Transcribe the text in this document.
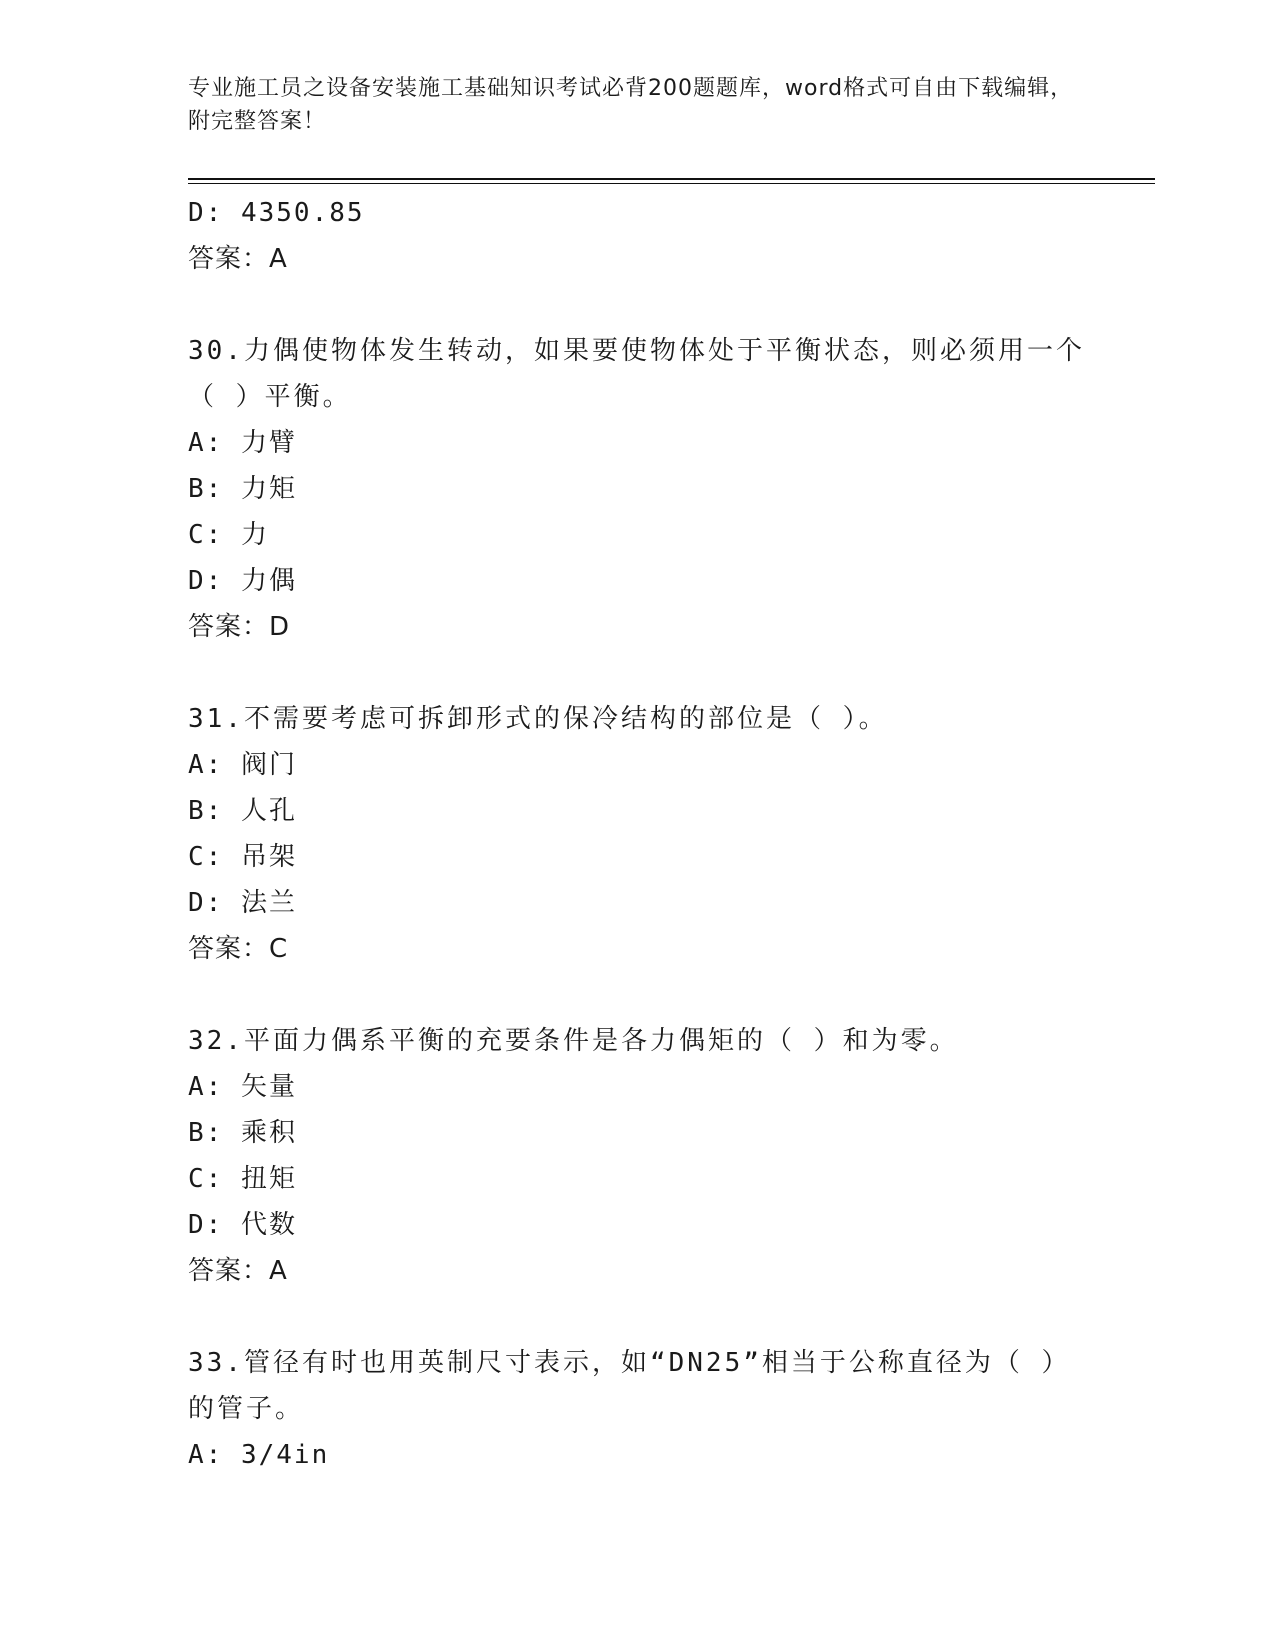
专业施工员之设备安装施工基础知识考试必背200题题库，word格式可自由下载编辑，附完整答案！
D: 4350.85
答案：A
30.力偶使物体发生转动，如果要使物体处于平衡状态，则必须用一个
（ ）平衡。
A: 力臂
B: 力矩
C: 力
D: 力偶
答案：D
31.不需要考虑可拆卸形式的保冷结构的部位是（ ）。
A: 阀门
B: 人孔
C: 吊架
D: 法兰
答案：C
32.平面力偶系平衡的充要条件是各力偶矩的（ ）和为零。
A: 矢量
B: 乘积
C: 扭矩
D: 代数
答案：A
33.管径有时也用英制尺寸表示，如“DN25”相当于公称直径为（ ）
的管子。
A: 3/4in
